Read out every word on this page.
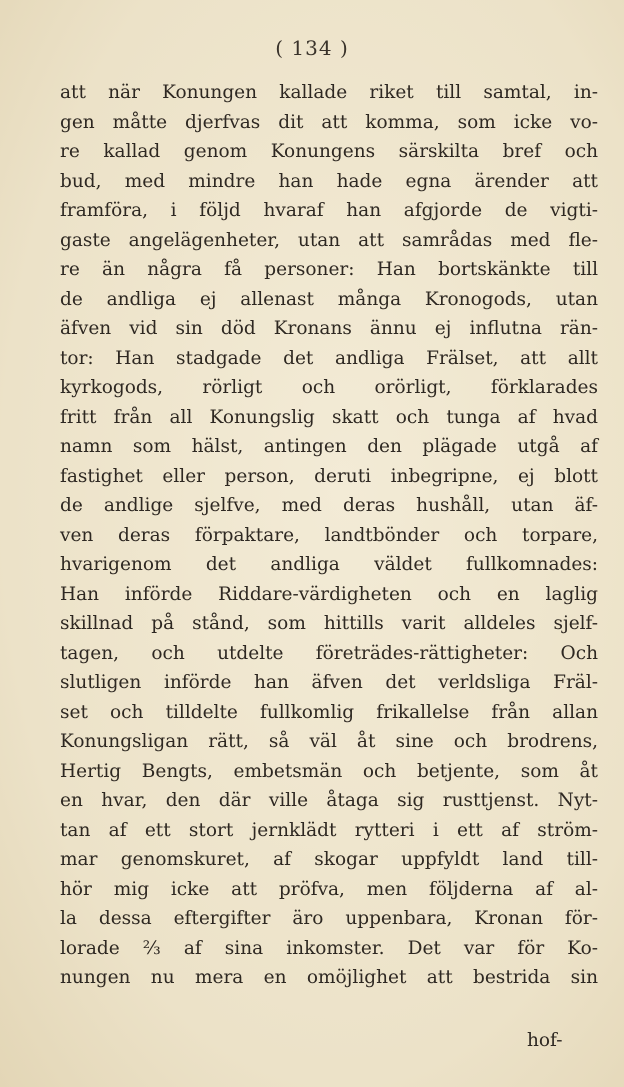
( 134 )
att när Konungen kallade riket till samtal, in-
gen måtte djerfvas dit att komma, som icke vo-
re kallad genom Konungens särskilta bref och
bud, med mindre han hade egna ärender att
framföra, i följd hvaraf han afgjorde de vigti-
gaste angelägenheter, utan att samrådas med fle-
re än några få personer: Han bortskänkte till
de andliga ej allenast många Kronogods, utan
äfven vid sin död Kronans ännu ej influtna rän-
tor: Han stadgade det andliga Frälset, att allt
kyrkogods, rörligt och orörligt, förklarades
fritt från all Konungslig skatt och tunga af hvad
namn som hälst, antingen den plägade utgå af
fastighet eller person, deruti inbegripne, ej blott
de andlige sjelfve, med deras hushåll, utan äf-
ven deras förpaktare, landtbönder och torpare,
hvarigenom det andliga väldet fullkomnades:
Han införde Riddare-värdigheten och en laglig
skillnad på stånd, som hittills varit alldeles sjelf-
tagen, och utdelte företrädes-rättigheter: Och
slutligen införde han äfven det verldsliga Fräl-
set och tilldelte fullkomlig frikallelse från allan
Konungsligan rätt, så väl åt sine och brodrens,
Hertig Bengts, embetsmän och betjente, som åt
en hvar, den där ville åtaga sig rusttjenst. Nyt-
tan af ett stort jernklädt rytteri i ett af ström-
mar genomskuret, af skogar uppfyldt land till-
hör mig icke att pröfva, men följderna af al-
la dessa eftergifter äro uppenbara, Kronan för-
lorade ⅔ af sina inkomster. Det var för Ko-
nungen nu mera en omöjlighet att bestrida sin
hof-
